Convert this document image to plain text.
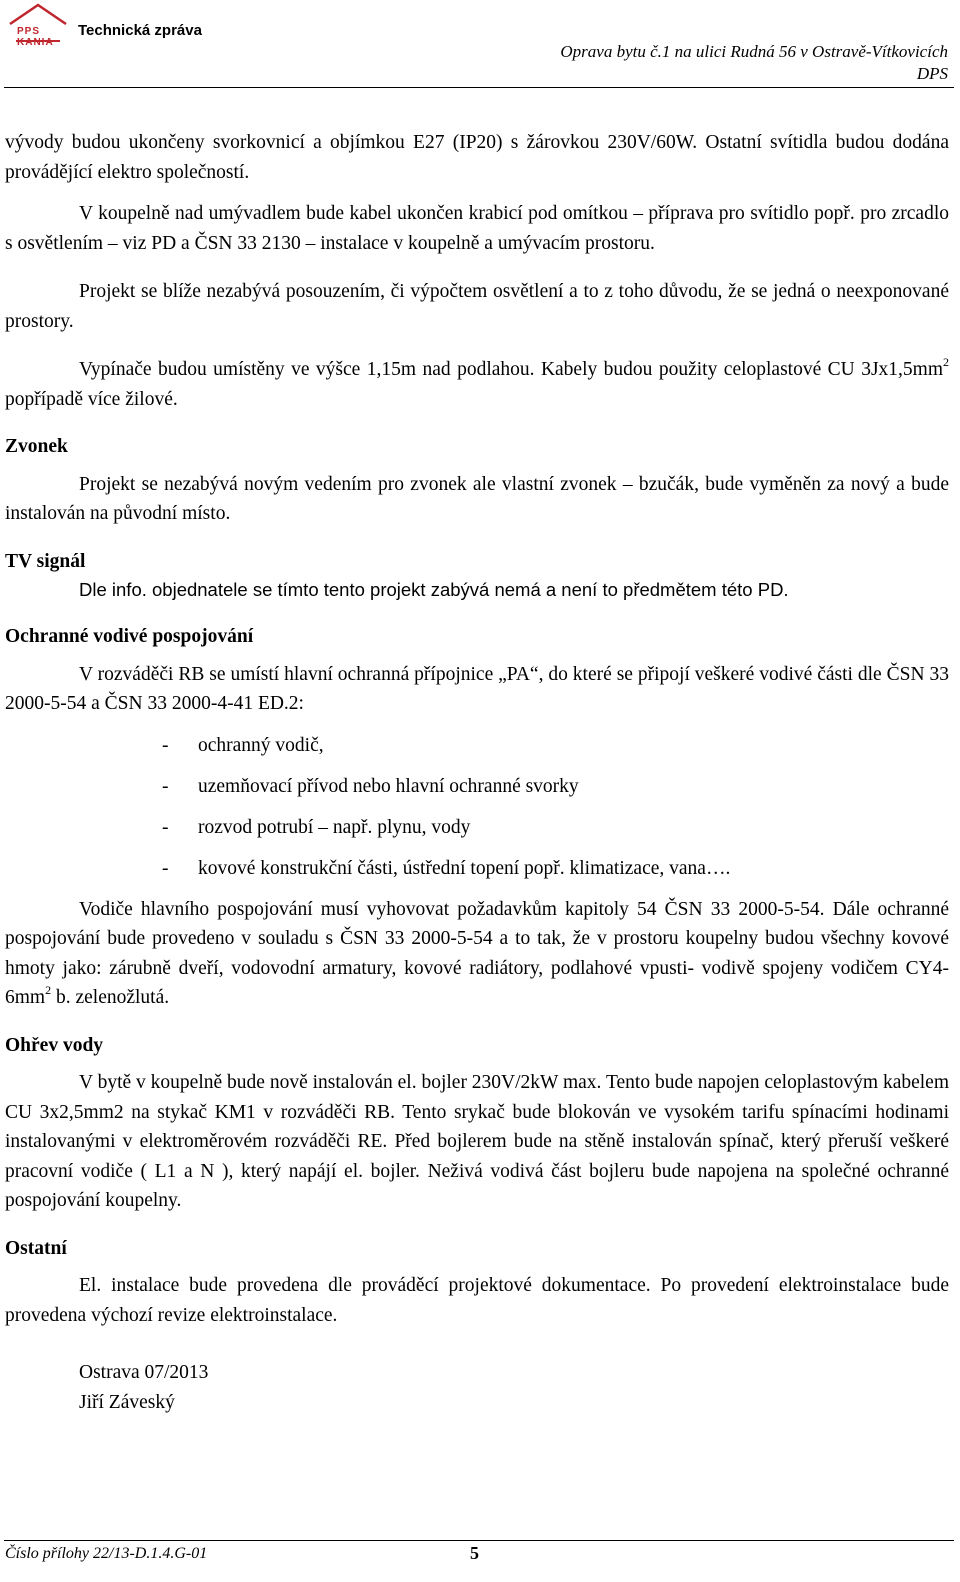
PPS KANIA
Technická zpráva
Oprava bytu č.1 na ulici Rudná 56 v Ostravě-Vítkovicích
DPS

vývody budou ukončeny svorkovnicí a objímkou E27 (IP20) s žárovkou 230V/60W. Ostatní svítidla budou dodána provádějící elektro společností.

V koupelně nad umývadlem bude kabel ukončen krabicí pod omítkou – příprava pro svítidlo popř. pro zrcadlo s osvětlením – viz PD a ČSN 33 2130 – instalace v koupelně a umývacím prostoru.

Projekt se blíže nezabývá posouzením, či výpočtem osvětlení a to z toho důvodu, že se jedná o neexponované prostory.

Vypínače budou umístěny ve výšce 1,15m nad podlahou. Kabely budou použity celoplastové CU $3Jx1,5mm^2$ popřípadě více žilové.

Zvonek

Projekt se nezabývá novým vedením pro zvonek ale vlastní zvonek – bzučák, bude vyměněn za nový a bude instalován na původní místo.

TV signál

Dle info. objednatele se tímto tento projekt zabývá nemá a není to předmětem této PD.

Ochranné vodivé pospojování

V rozváděči RB se umístí hlavní ochranná přípojnice „PA“, do které se připojí veškeré vodivé části dle ČSN 33 2000-5-54 a ČSN 33 2000-4-41 ED.2:

- ochranný vodič,
- uzemňovací přívod nebo hlavní ochranné svorky
- rozvod potrubí – např. plynu, vody
- kovové konstrukční části, ústřední topení popř. klimatizace, vana….

Vodiče hlavního pospojování musí vyhovovat požadavkům kapitoly 54 ČSN 33 2000-5-54. Dále ochranné pospojování bude provedeno v souladu s ČSN 33 2000-5-54 a to tak, že v prostoru koupelny budou všechny kovové hmoty jako: zárubně dveří, vodovodní armatury, kovové radiátory, podlahové vpusti- vodivě spojeny vodičem $CY4-6mm^2$ b. zelenožlutá.

Ohřev vody

V bytě v koupelně bude nově instalován el. bojler 230V/2kW max. Tento bude napojen celoplastovým kabelem CU 3x2,5mm2 na stykač KM1 v rozváděči RB. Tento srykač bude blokován ve vysokém tarifu spínacími hodinami instalovanými v elektroměrovém rozváděči RE. Před bojlerem bude na stěně instalován spínač, který přeruší veškeré pracovní vodiče ( L1 a N ), který napájí el. bojler. Neživá vodivá část bojleru bude napojena na společné ochranné pospojování koupelny.

Ostatní

El. instalace bude provedena dle prováděcí projektové dokumentace. Po provedení elektroinstalace bude provedena výchozí revize elektroinstalace.

Ostrava 07/2013
Jiří Záveský
Číslo přílohy 22/13-D.1.4.G-01	5
